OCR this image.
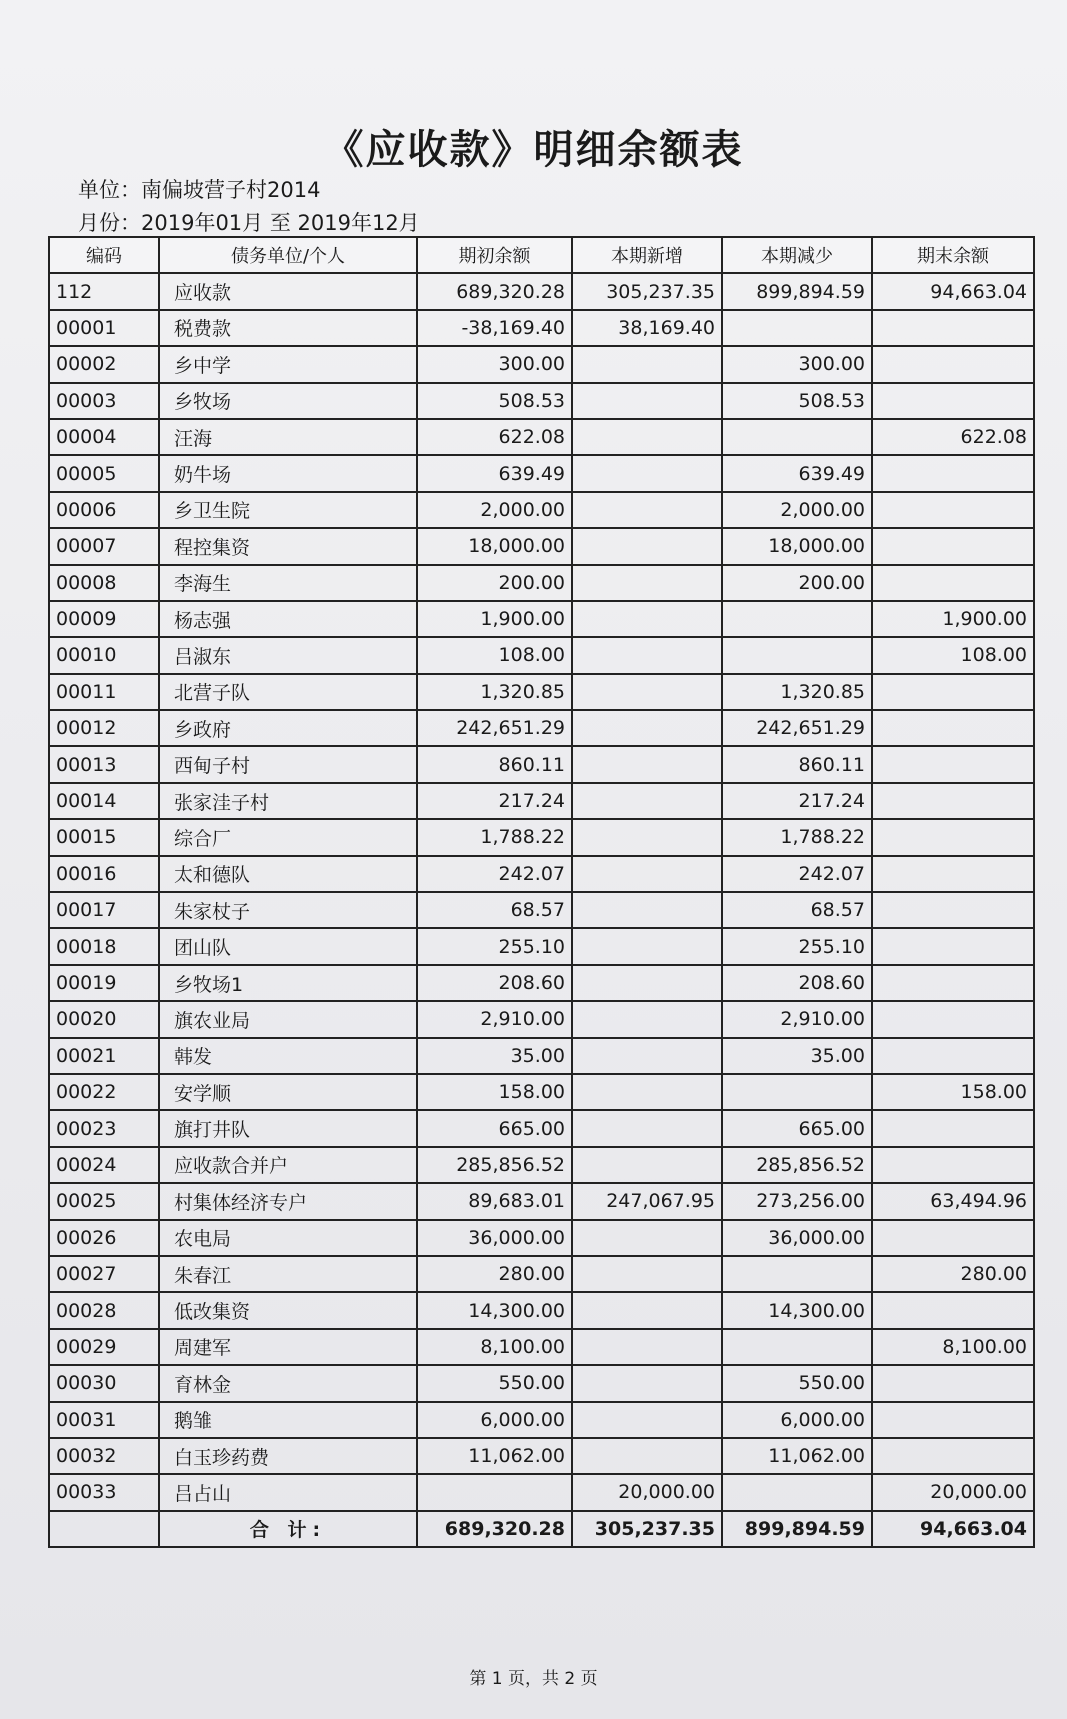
《应收款》明细余额表
单位：南偏坡营子村2014
月份：2019年01月 至 2019年12月
编码	债务单位/个人	期初余额	本期新增	本期减少	期末余额
112	应收款	689,320.28	305,237.35	899,894.59	94,663.04
00001	税费款	-38,169.40	38,169.40		
00002	乡中学	300.00		300.00	
00003	乡牧场	508.53		508.53	
00004	汪海	622.08			622.08
00005	奶牛场	639.49		639.49	
00006	乡卫生院	2,000.00		2,000.00	
00007	程控集资	18,000.00		18,000.00	
00008	李海生	200.00		200.00	
00009	杨志强	1,900.00			1,900.00
00010	吕淑东	108.00			108.00
00011	北营子队	1,320.85		1,320.85	
00012	乡政府	242,651.29		242,651.29	
00013	西甸子村	860.11		860.11	
00014	张家洼子村	217.24		217.24	
00015	综合厂	1,788.22		1,788.22	
00016	太和德队	242.07		242.07	
00017	朱家杖子	68.57		68.57	
00018	团山队	255.10		255.10	
00019	乡牧场1	208.60		208.60	
00020	旗农业局	2,910.00		2,910.00	
00021	韩发	35.00		35.00	
00022	安学顺	158.00			158.00
00023	旗打井队	665.00		665.00	
00024	应收款合并户	285,856.52		285,856.52	
00025	村集体经济专户	89,683.01	247,067.95	273,256.00	63,494.96
00026	农电局	36,000.00		36,000.00	
00027	朱春江	280.00			280.00
00028	低改集资	14,300.00		14,300.00	
00029	周建军	8,100.00			8,100.00
00030	育林金	550.00		550.00	
00031	鹅雏	6,000.00		6,000.00	
00032	白玉珍药费	11,062.00		11,062.00	
00033	吕占山		20,000.00		20,000.00
	合 计:	689,320.28	305,237.35	899,894.59	94,663.04
第 1 页，共 2 页
